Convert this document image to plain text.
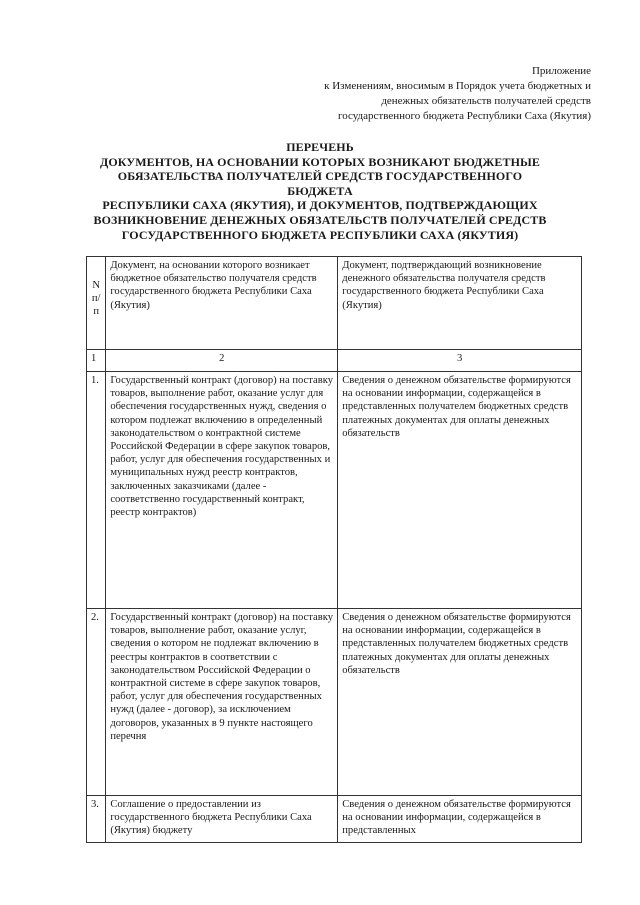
Приложение
к Изменениям, вносимым в Порядок учета бюджетных и
денежных обязательств получателей средств
государственного бюджета Республики Саха (Якутия)
ПЕРЕЧЕНЬ
ДОКУМЕНТОВ, НА ОСНОВАНИИ КОТОРЫХ ВОЗНИКАЮТ БЮДЖЕТНЫЕ
ОБЯЗАТЕЛЬСТВА ПОЛУЧАТЕЛЕЙ СРЕДСТВ ГОСУДАРСТВЕННОГО
БЮДЖЕТА
РЕСПУБЛИКИ САХА (ЯКУТИЯ), И ДОКУМЕНТОВ, ПОДТВЕРЖДАЮЩИХ
ВОЗНИКНОВЕНИЕ ДЕНЕЖНЫХ ОБЯЗАТЕЛЬСТВ ПОЛУЧАТЕЛЕЙ СРЕДСТВ
ГОСУДАРСТВЕННОГО БЮДЖЕТА РЕСПУБЛИКИ САХА (ЯКУТИЯ)
N п/п	Документ, на основании которого возникает бюджетное обязательство получателя средств государственного бюджета Республики Саха (Якутия)	Документ, подтверждающий возникновение денежного обязательства получателя средств государственного бюджета Республики Саха (Якутия)
1	2	3
1.	Государственный контракт (договор) на поставку товаров, выполнение работ, оказание услуг для обеспечения государственных нужд, сведения о котором подлежат включению в определенный законодательством о контрактной системе Российской Федерации в сфере закупок товаров, работ, услуг для обеспечения государственных и муниципальных нужд реестр контрактов, заключенных заказчиками (далее - соответственно государственный контракт, реестр контрактов)	Сведения о денежном обязательстве формируются на основании информации, содержащейся в представленных получателем бюджетных средств платежных документах для оплаты денежных обязательств
2.	Государственный контракт (договор) на поставку товаров, выполнение работ, оказание услуг, сведения о котором не подлежат включению в реестры контрактов в соответствии с законодательством Российской Федерации о контрактной системе в сфере закупок товаров, работ, услуг для обеспечения государственных нужд (далее - договор), за исключением договоров, указанных в 9 пункте настоящего перечня	Сведения о денежном обязательстве формируются на основании информации, содержащейся в представленных получателем бюджетных средств платежных документах для оплаты денежных обязательств
3.	Соглашение о предоставлении из государственного бюджета Республики Саха (Якутия) бюджету	Сведения о денежном обязательстве формируются на основании информации, содержащейся в представленных
